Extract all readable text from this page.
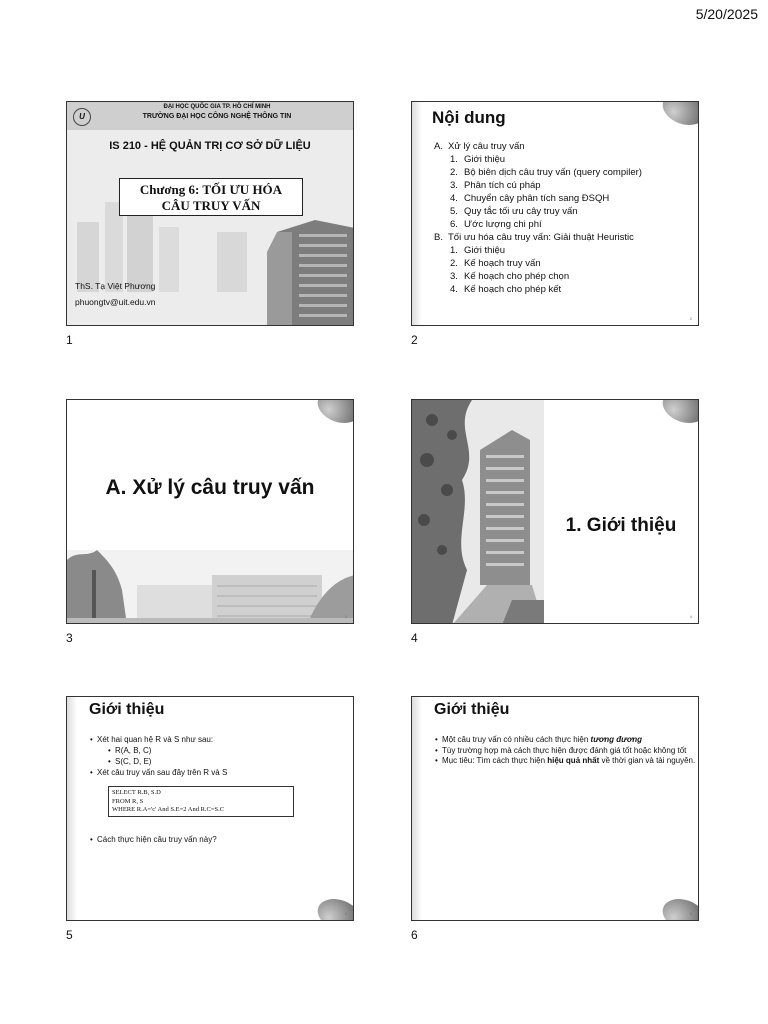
5/20/2025
U
ĐẠI HỌC QUỐC GIA TP. HỒ CHÍ MINH
TRƯỜNG ĐẠI HỌC CÔNG NGHỆ THÔNG TIN
IS 210 - HỆ QUẢN TRỊ CƠ SỞ DỮ LIỆU
Chương 6: TỐI ƯU HÓA
CÂU TRUY VẤN
ThS. Tạ Việt Phương
phuongtv@uit.edu.vn
1
Nội dung
A. Xử lý câu truy vấn
1. Giới thiệu
2. Bộ biên dịch câu truy vấn (query compiler)
3. Phân tích cú pháp
4. Chuyển cây phân tích sang ĐSQH
5. Quy tắc tối ưu cây truy vấn
6. Ước lượng chi phí
B. Tối ưu hóa câu truy vấn: Giải thuật Heuristic
1. Giới thiệu
2. Kế hoạch truy vấn
3. Kế hoạch cho phép chọn
4. Kế hoạch cho phép kết
2
2
A. Xử lý câu truy vấn
3
3
1. Giới thiệu
4
4
Giới thiệu
• Xét hai quan hệ R và S như sau:
• R(A, B, C)
• S(C, D, E)
• Xét câu truy vấn sau đây trên R và S
SELECT R.B, S.D
FROM R, S
WHERE R.A='c' And S.E=2 And R.C=S.C
• Cách thực hiện câu truy vấn này?
5
5
Giới thiệu
• Một câu truy vấn có nhiều cách thực hiện tương đương
• Tùy trường hợp mà cách thực hiện được đánh giá tốt hoặc không tốt
• Mục tiêu: Tìm cách thực hiện hiệu quả nhất về thời gian và tài nguyên.
6
6
